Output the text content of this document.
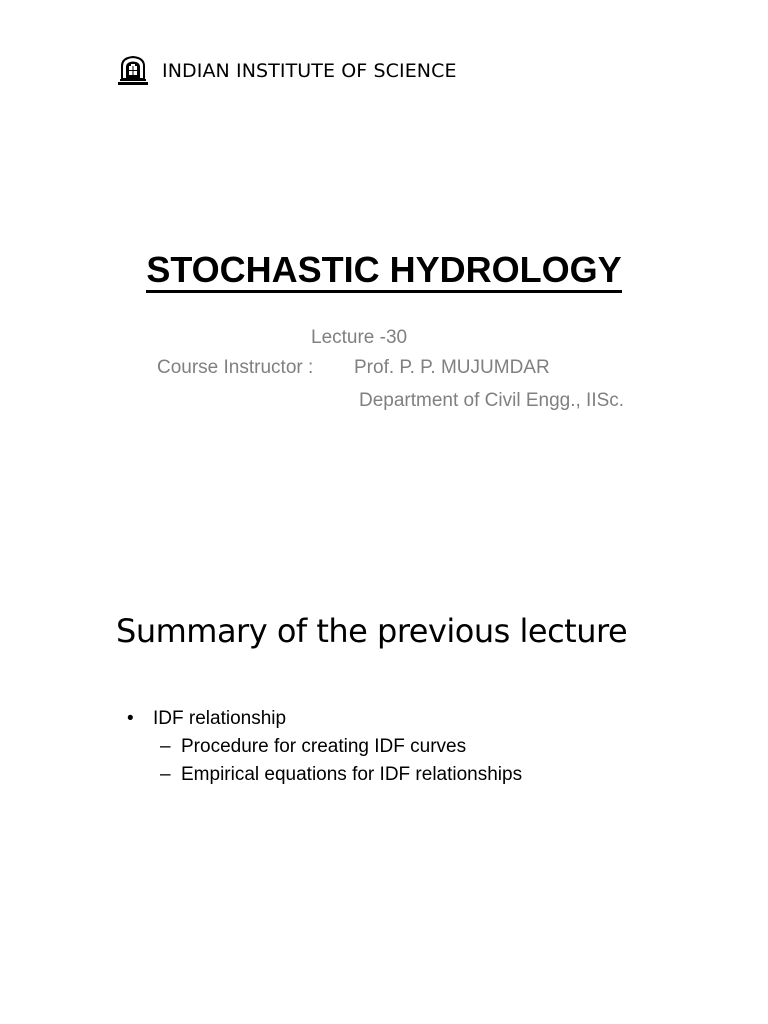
INDIAN INSTITUTE OF SCIENCE
STOCHASTIC HYDROLOGY
Lecture -30
Course Instructor : Prof. P. P. MUJUMDAR
Department of Civil Engg., IISc.
Summary of the previous lecture
•	IDF relationship
– Procedure for creating IDF curves
– Empirical equations for IDF relationships
